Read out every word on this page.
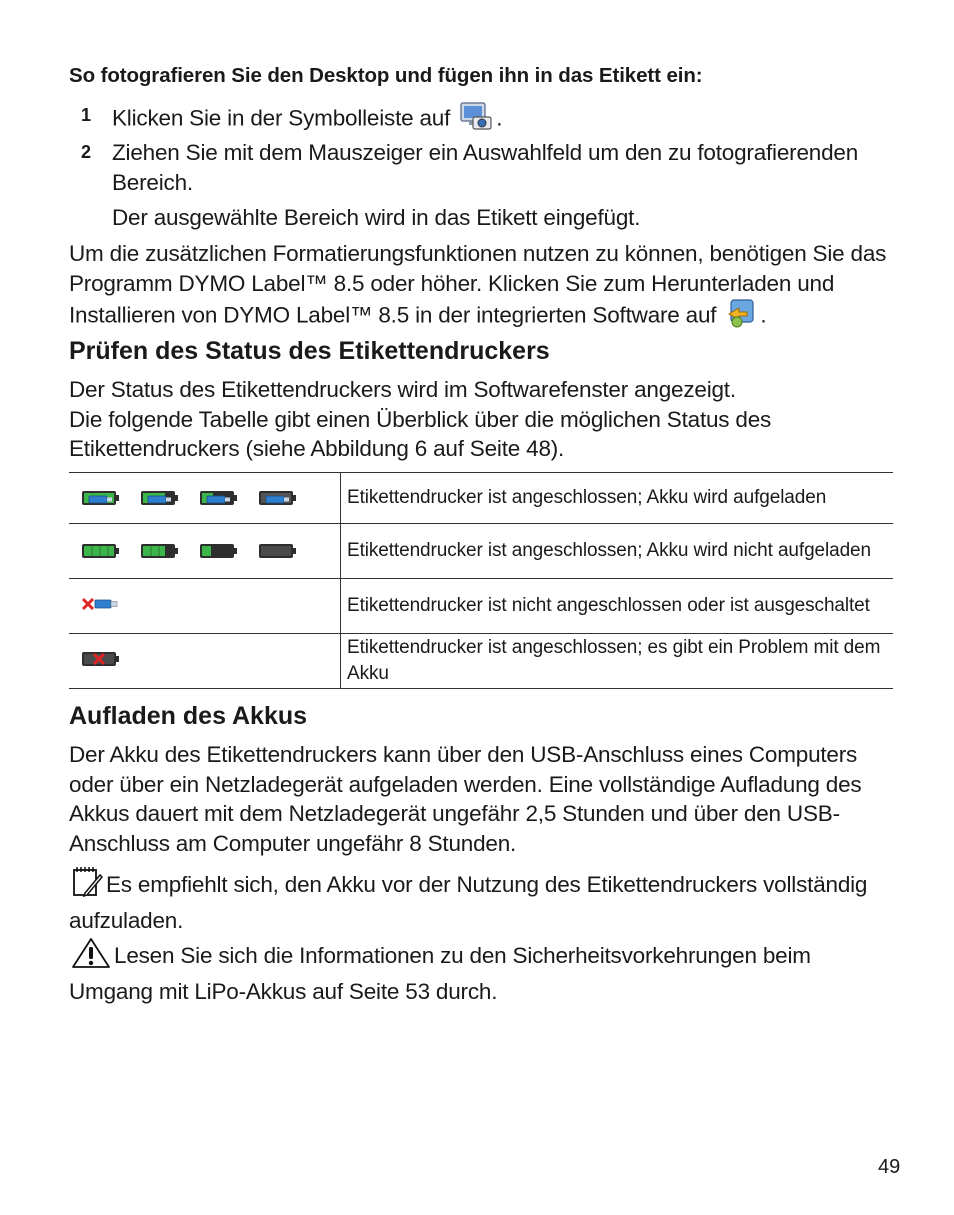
So fotografieren Sie den Desktop und fügen ihn in das Etikett ein:
1 Klicken Sie in der Symbolleiste auf .
2 Ziehen Sie mit dem Mauszeiger ein Auswahlfeld um den zu fotografierenden Bereich.
Der ausgewählte Bereich wird in das Etikett eingefügt.
Um die zusätzlichen Formatierungsfunktionen nutzen zu können, benötigen Sie das Programm DYMO Label™ 8.5 oder höher. Klicken Sie zum Herunterladen und Installieren von DYMO Label™ 8.5 in der integrierten Software auf .
Prüfen des Status des Etikettendruckers
Der Status des Etikettendruckers wird im Softwarefenster angezeigt.
Die folgende Tabelle gibt einen Überblick über die möglichen Status des Etikettendruckers (siehe Abbildung 6 auf Seite 48).
	Etikettendrucker ist angeschlossen; Akku wird aufgeladen

	Etikettendrucker ist angeschlossen; Akku wird nicht aufgeladen
	Etikettendrucker ist nicht angeschlossen oder ist ausgeschaltet
	Etikettendrucker ist angeschlossen; es gibt ein Problem mit dem Akku
Aufladen des Akkus
Der Akku des Etikettendruckers kann über den USB-Anschluss eines Computers oder über ein Netzladegerät aufgeladen werden. Eine vollständige Aufladung des Akkus dauert mit dem Netzladegerät ungefähr 2,5 Stunden und über den USB-Anschluss am Computer ungefähr 8 Stunden.
Es empfiehlt sich, den Akku vor der Nutzung des Etikettendruckers vollständig aufzuladen.
Lesen Sie sich die Informationen zu den Sicherheitsvorkehrungen beim Umgang mit LiPo-Akkus auf Seite 53 durch.
49
